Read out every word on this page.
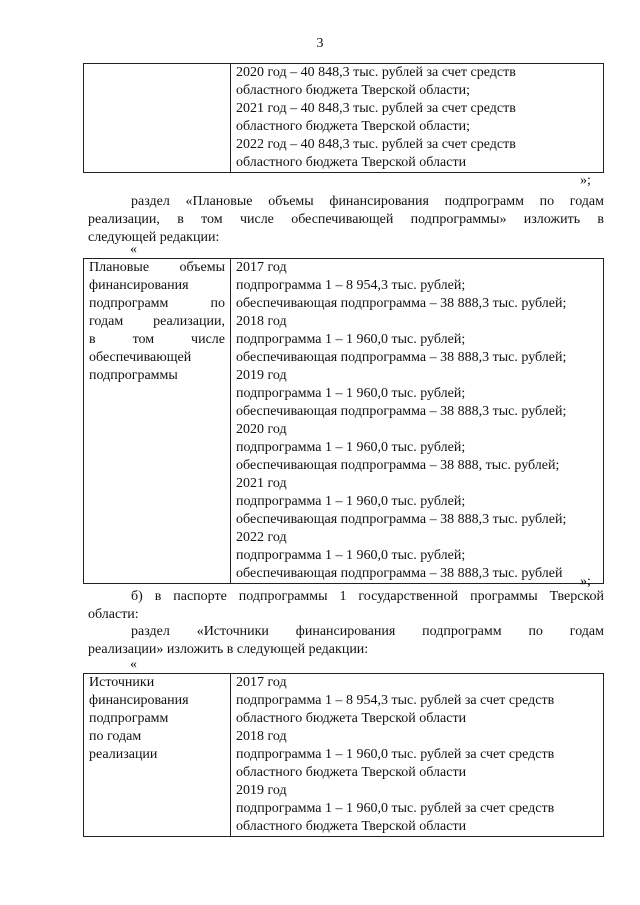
3

2020 год – 40 848,3 тыс. рублей за счет средств
областного бюджета Тверской области;
2021 год – 40 848,3 тыс. рублей за счет средств
областного бюджета Тверской области;
2022 год – 40 848,3 тыс. рублей за счет средств
областного бюджета Тверской области
»;
раздел «Плановые объемы финансирования подпрограмм по годам
реализации, в том числе обеспечивающей подпрограммы» изложить в
следующей редакции:
«
Плановые объемы
финансирования
подпрограмм по
годам реализации,
в том числе
обеспечивающей
подпрограммы

2017 год
подпрограмма 1 – 8 954,3 тыс. рублей;
обеспечивающая подпрограмма – 38 888,3 тыс. рублей;
2018 год
подпрограмма 1 – 1 960,0 тыс. рублей;
обеспечивающая подпрограмма – 38 888,3 тыс. рублей;
2019 год
подпрограмма 1 – 1 960,0 тыс. рублей;
обеспечивающая подпрограмма – 38 888,3 тыс. рублей;
2020 год
подпрограмма 1 – 1 960,0 тыс. рублей;
обеспечивающая подпрограмма – 38 888, тыс. рублей;
2021 год
подпрограмма 1 – 1 960,0 тыс. рублей;
обеспечивающая подпрограмма – 38 888,3 тыс. рублей;
2022 год
подпрограмма 1 – 1 960,0 тыс. рублей;
обеспечивающая подпрограмма – 38 888,3 тыс. рублей
»;
б) в паспорте подпрограммы 1 государственной программы Тверской
области:
раздел «Источники финансирования подпрограмм по годам
реализации» изложить в следующей редакции:
«
Источники
финансирования
подпрограмм
по годам
реализации

2017 год
подпрограмма 1 – 8 954,3 тыс. рублей за счет средств
областного бюджета Тверской области
2018 год
подпрограмма 1 – 1 960,0 тыс. рублей за счет средств
областного бюджета Тверской области
2019 год
подпрограмма 1 – 1 960,0 тыс. рублей за счет средств
областного бюджета Тверской области
